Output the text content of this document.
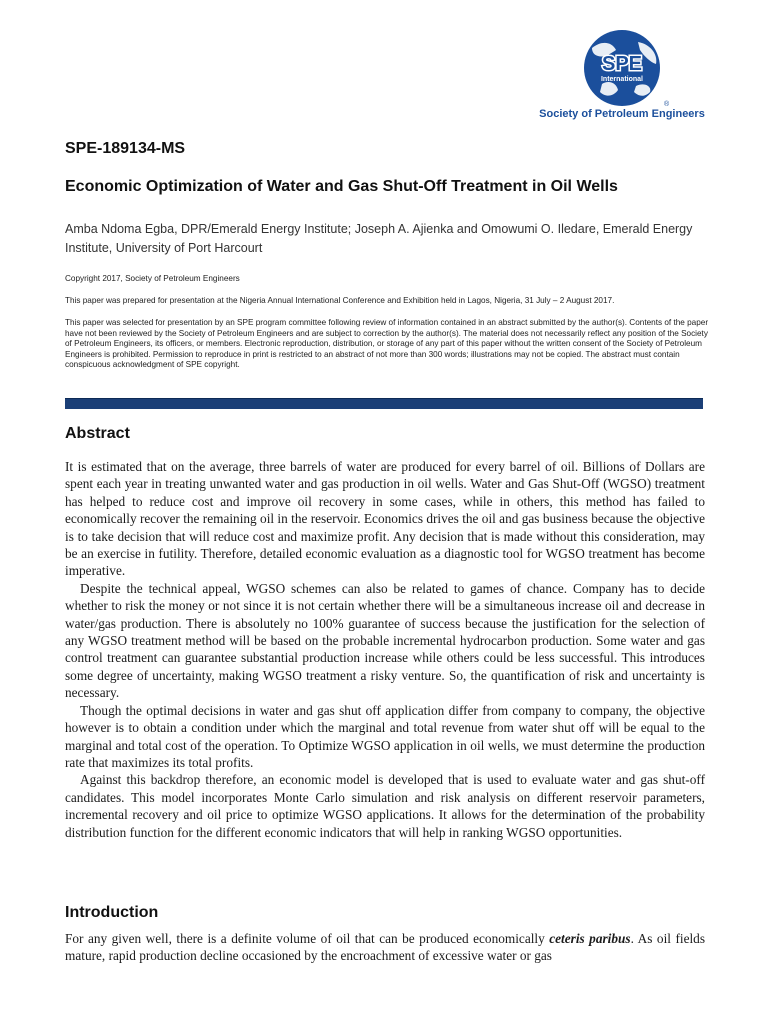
SPE
International
®
Society of Petroleum Engineers
SPE-189134-MS
Economic Optimization of Water and Gas Shut-Off Treatment in Oil Wells
Amba Ndoma Egba, DPR/Emerald Energy Institute; Joseph A. Ajienka and Omowumi O. Iledare, Emerald Energy Institute, University of Port Harcourt
Copyright 2017, Society of Petroleum Engineers
This paper was prepared for presentation at the Nigeria Annual International Conference and Exhibition held in Lagos, Nigeria, 31 July – 2 August 2017.
This paper was selected for presentation by an SPE program committee following review of information contained in an abstract submitted by the author(s). Contents of the paper have not been reviewed by the Society of Petroleum Engineers and are subject to correction by the author(s). The material does not necessarily reflect any position of the Society of Petroleum Engineers, its officers, or members. Electronic reproduction, distribution, or storage of any part of this paper without the written consent of the Society of Petroleum Engineers is prohibited. Permission to reproduce in print is restricted to an abstract of not more than 300 words; illustrations may not be copied. The abstract must contain conspicuous acknowledgment of SPE copyright.
Abstract

It is estimated that on the average, three barrels of water are produced for every barrel of oil. Billions of Dollars are spent each year in treating unwanted water and gas production in oil wells. Water and Gas Shut-Off (WGSO) treatment has helped to reduce cost and improve oil recovery in some cases, while in others, this method has failed to economically recover the remaining oil in the reservoir. Economics drives the oil and gas business because the objective is to take decision that will reduce cost and maximize profit. Any decision that is made without this consideration, may be an exercise in futility. Therefore, detailed economic evaluation as a diagnostic tool for WGSO treatment has become imperative.

Despite the technical appeal, WGSO schemes can also be related to games of chance. Company has to decide whether to risk the money or not since it is not certain whether there will be a simultaneous increase oil and decrease in water/gas production. There is absolutely no 100% guarantee of success because the justification for the selection of any WGSO treatment method will be based on the probable incremental hydrocarbon production. Some water and gas control treatment can guarantee substantial production increase while others could be less successful. This introduces some degree of uncertainty, making WGSO treatment a risky venture. So, the quantification of risk and uncertainty is necessary.

Though the optimal decisions in water and gas shut off application differ from company to company, the objective however is to obtain a condition under which the marginal and total revenue from water shut off will be equal to the marginal and total cost of the operation. To Optimize WGSO application in oil wells, we must determine the production rate that maximizes its total profits.

Against this backdrop therefore, an economic model is developed that is used to evaluate water and gas shut-off candidates. This model incorporates Monte Carlo simulation and risk analysis on different reservoir parameters, incremental recovery and oil price to optimize WGSO applications. It allows for the determination of the probability distribution function for the different economic indicators that will help in ranking WGSO opportunities.

Introduction

For any given well, there is a definite volume of oil that can be produced economically ceteris paribus. As oil fields mature, rapid production decline occasioned by the encroachment of excessive water or gas
